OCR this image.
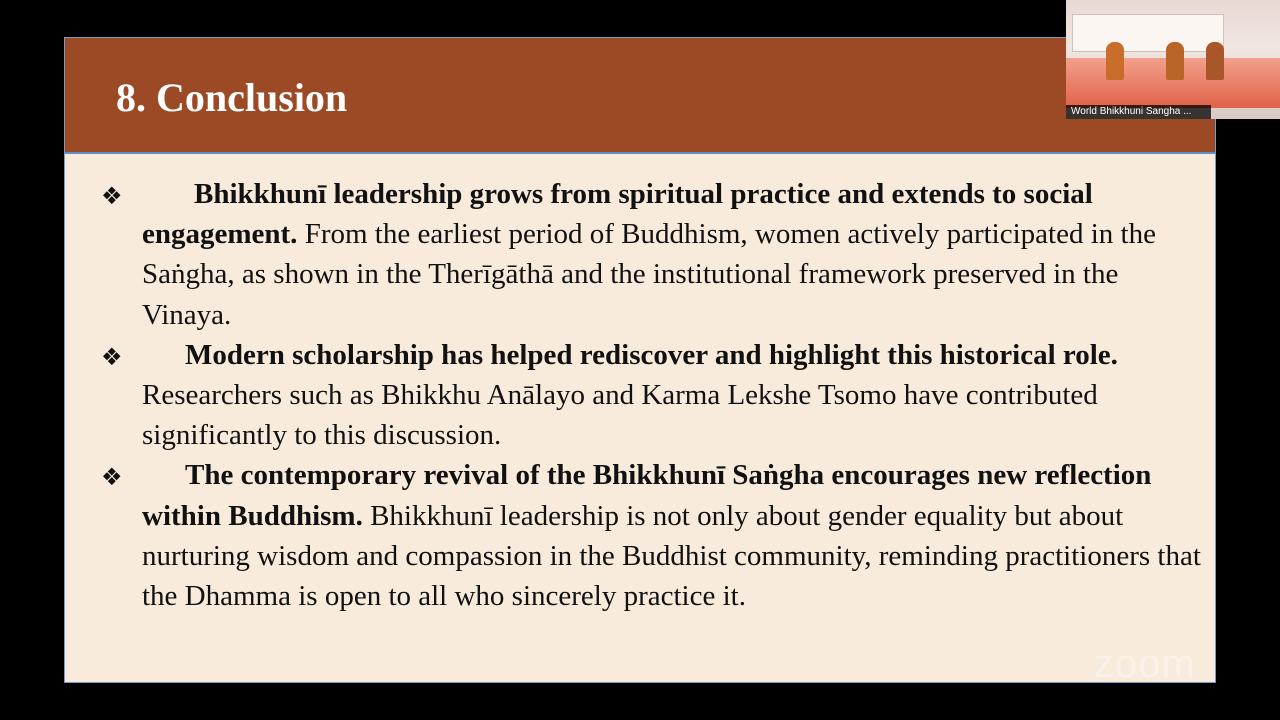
8. Conclusion
❖	Bhikkhunī leadership grows from spiritual practice and extends to social engagement. From the earliest period of Buddhism, women actively participated in the Saṅgha, as shown in the Therīgāthā and the institutional framework preserved in the Vinaya.
❖	Modern scholarship has helped rediscover and highlight this historical role. Researchers such as Bhikkhu Anālayo and Karma Lekshe Tsomo have contributed significantly to this discussion.
❖	The contemporary revival of the Bhikkhunī Saṅgha encourages new reflection within Buddhism. Bhikkhunī leadership is not only about gender equality but about nurturing wisdom and compassion in the Buddhist community, reminding practitioners that the Dhamma is open to all who sincerely practice it.
World Bhikkhuni Sangha ...
zoom
